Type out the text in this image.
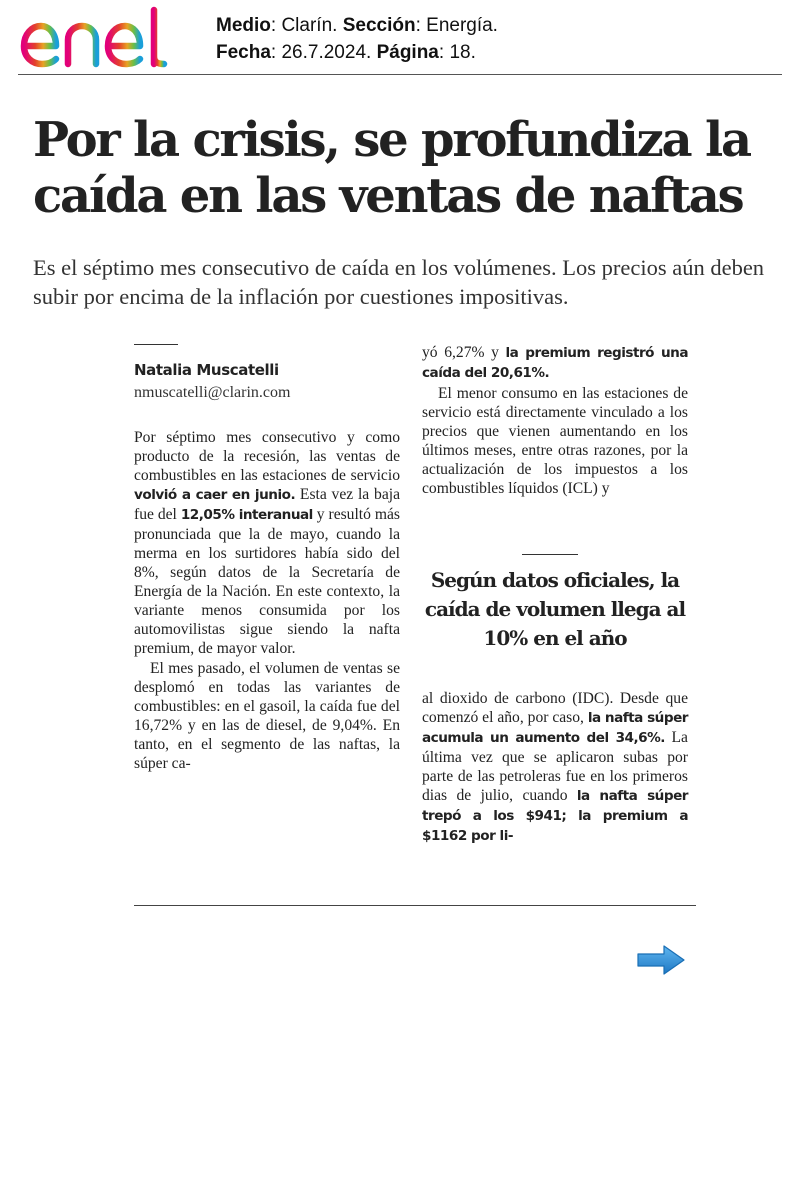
Medio: Clarín. Sección: Energía.
Fecha: 26.7.2024. Página: 18.
Por la crisis, se profundiza la caída en las ventas de naftas

Es el séptimo mes consecutivo de caída en los volúmenes. Los precios aún deben subir por encima de la inflación por cuestiones impositivas.

Natalia Muscatelli
nmuscatelli@clarin.com

Por séptimo mes consecutivo y como producto de la recesión, las ventas de combustibles en las estaciones de servicio volvió a caer en junio. Esta vez la baja fue del 12,05% interanual y resultó más pronunciada que la de mayo, cuando la merma en los surtidores había sido del 8%, según datos de la Secretaría de Energía de la Nación. En este contexto, la variante menos consumida por los automovilistas sigue siendo la nafta premium, de mayor valor.

El mes pasado, el volumen de ventas se desplomó en todas las variantes de combustibles: en el gasoil, la caída fue del 16,72% y en las de diesel, de 9,04%. En tanto, en el segmento de las naftas, la súper ca-

yó 6,27% y la premium registró una caída del 20,61%.

El menor consumo en las estaciones de servicio está directamente vinculado a los precios que vienen aumentando en los últimos meses, entre otras razones, por la actualización de los impuestos a los combustibles líquidos (ICL) y

Según datos oficiales, la caída de volumen llega al 10% en el año

al dioxido de carbono (IDC). Desde que comenzó el año, por caso, la nafta súper acumula un aumento del 34,6%. La última vez que se aplicaron subas por parte de las petroleras fue en los primeros dias de julio, cuando la nafta súper trepó a los $941; la premium a $1162 por li-
